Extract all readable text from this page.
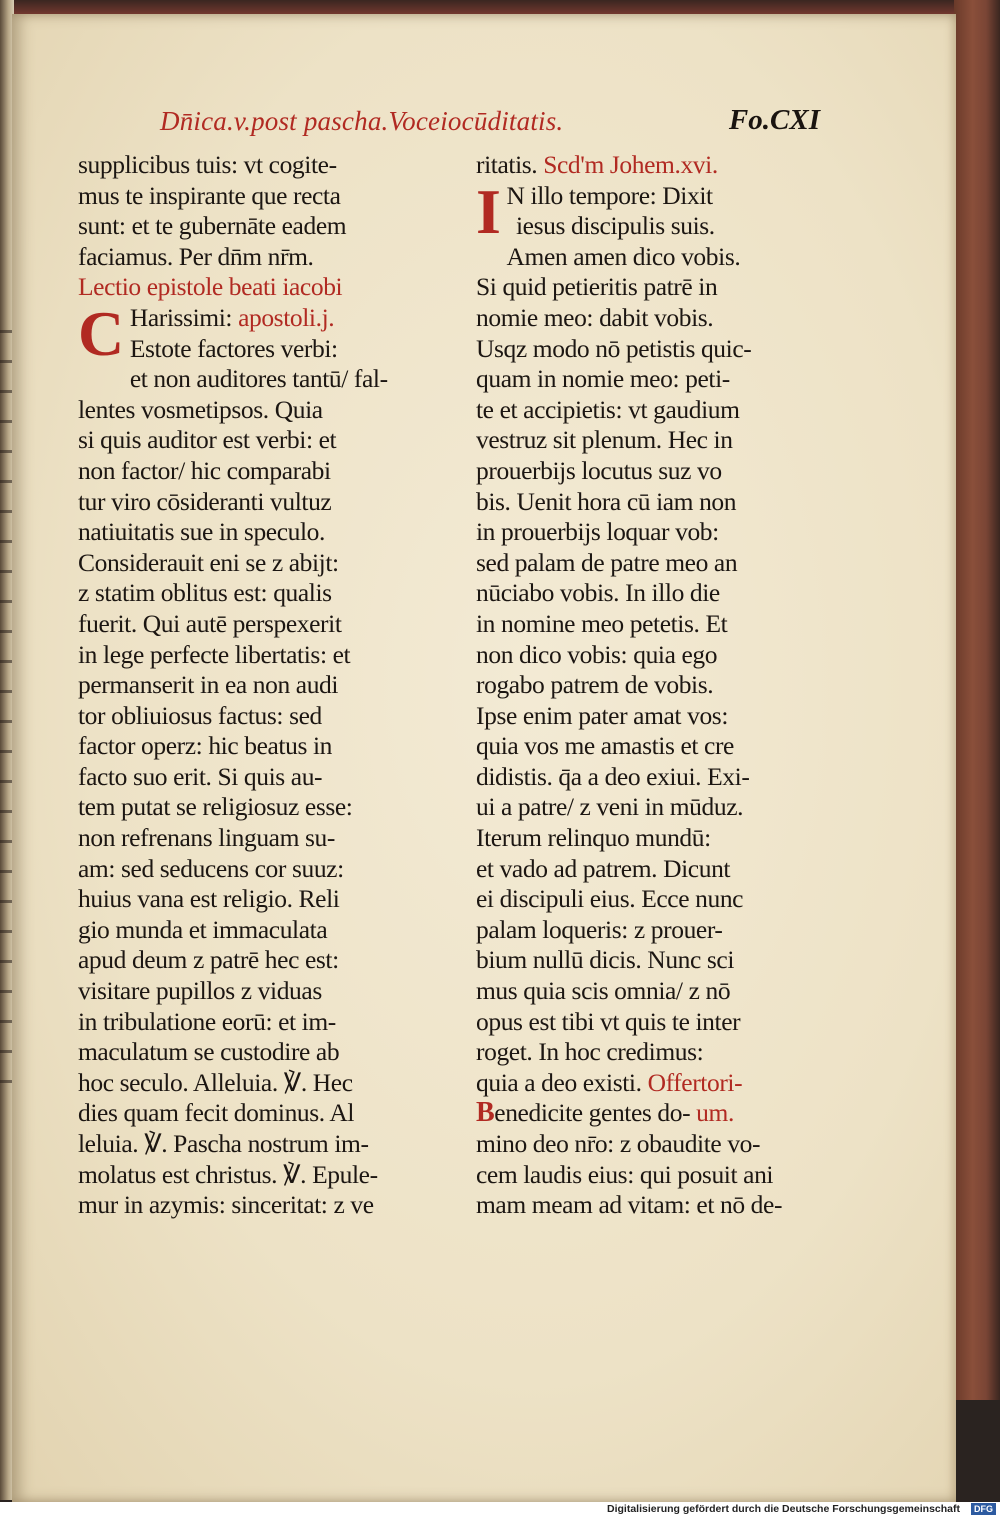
Dn̄ica.v.post pascha.Voceiocūditatis.	Fo.CXI
supplicibus tuis: vt cogite-
mus te inspirante que recta
sunt: et te gubernāte eadem
faciamus. Per dn̄m nr̄m.
Lectio epistole beati iacobi
C Harissimi: apostoli.j.
Estote factores verbi:
et non auditores tantū/ fal-
lentes vosmetipsos. Quia
si quis auditor est verbi: et
non factor/ hic comparabi
tur viro cōsideranti vultuz
natiuitatis sue in speculo.
Considerauit eni se z abijt:
z statim oblitus est: qualis
fuerit. Qui autē perspexerit
in lege perfecte libertatis: et
permanserit in ea non audi
tor obliuiosus factus: sed
factor operz: hic beatus in
facto suo erit. Si quis au-
tem putat se religiosuz esse:
non refrenans linguam su-
am: sed seducens cor suuz:
huius vana est religio. Reli
gio munda et immaculata
apud deum z patrē hec est:
visitare pupillos z viduas
in tribulatione eorū: et im-
maculatum se custodire ab
hoc seculo. Alleluia. ℣. Hec
dies quam fecit dominus. Al
leluia. ℣. Pascha nostrum im-
molatus est christus. ℣. Epule-
mur in azymis: sinceritat: z ve
ritatis. Scd'm Johem.xvi.
I N illo tempore: Dixit
iesus discipulis suis.
Amen amen dico vobis.
Si quid petieritis patrē in
nomie meo: dabit vobis.
Usqz modo nō petistis quic-
quam in nomie meo: peti-
te et accipietis: vt gaudium
vestruz sit plenum. Hec in
prouerbijs locutus suz vo
bis. Uenit hora cū iam non
in prouerbijs loquar vob:
sed palam de patre meo an
nūciabo vobis. In illo die
in nomine meo petetis. Et
non dico vobis: quia ego
rogabo patrem de vobis.
Ipse enim pater amat vos:
quia vos me amastis et cre
didistis. q̄a a deo exiui. Exi-
ui a patre/ z veni in mūduz.
Iterum relinquo mundū:
et vado ad patrem. Dicunt
ei discipuli eius. Ecce nunc
palam loqueris: z prouer-
bium nullū dicis. Nunc sci
mus quia scis omnia/ z nō
opus est tibi vt quis te inter
roget. In hoc credimus:
quia a deo existi. Offertori-
Benedicite gentes do- um.
mino deo nr̄o: z obaudite vo-
cem laudis eius: qui posuit ani
mam meam ad vitam: et nō de-
Digitalisierung gefördert durch die Deutsche Forschungsgemeinschaft	DFG
